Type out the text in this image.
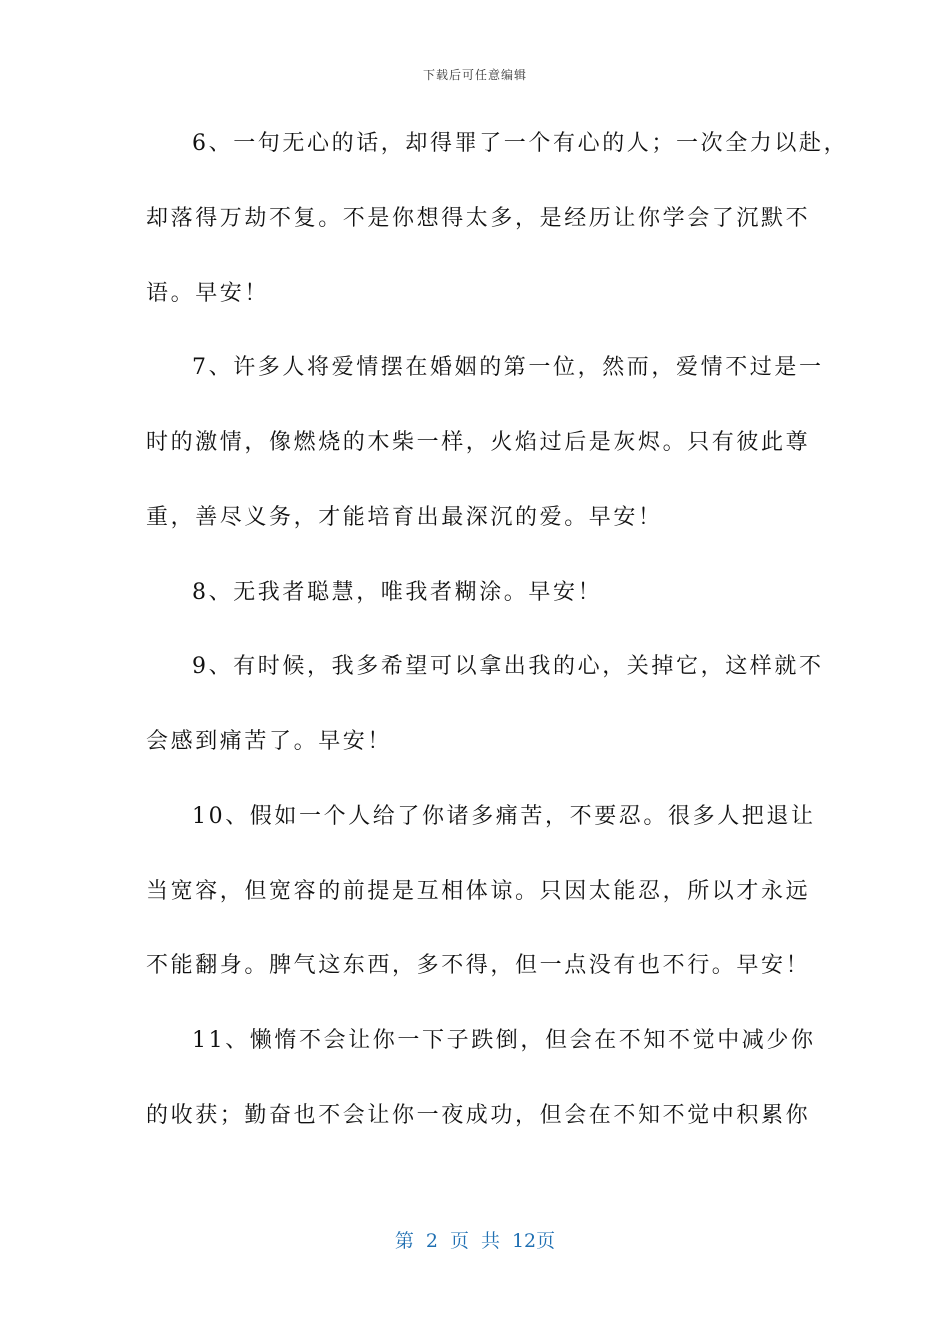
下载后可任意编辑
6、一句无心的话，却得罪了一个有心的人；一次全力以赴，
却落得万劫不复。不是你想得太多，是经历让你学会了沉默不
语。早安！
7、许多人将爱情摆在婚姻的第一位，然而，爱情不过是一
时的激情，像燃烧的木柴一样，火焰过后是灰烬。只有彼此尊
重，善尽义务，才能培育出最深沉的爱。早安！
8、无我者聪慧，唯我者糊涂。早安！
9、有时候，我多希望可以拿出我的心，关掉它，这样就不
会感到痛苦了。早安！
10、假如一个人给了你诸多痛苦，不要忍。很多人把退让
当宽容，但宽容的前提是互相体谅。只因太能忍，所以才永远
不能翻身。脾气这东西，多不得，但一点没有也不行。早安！
11、懒惰不会让你一下子跌倒，但会在不知不觉中减少你
的收获；勤奋也不会让你一夜成功，但会在不知不觉中积累你
第 2 页 共 12页
